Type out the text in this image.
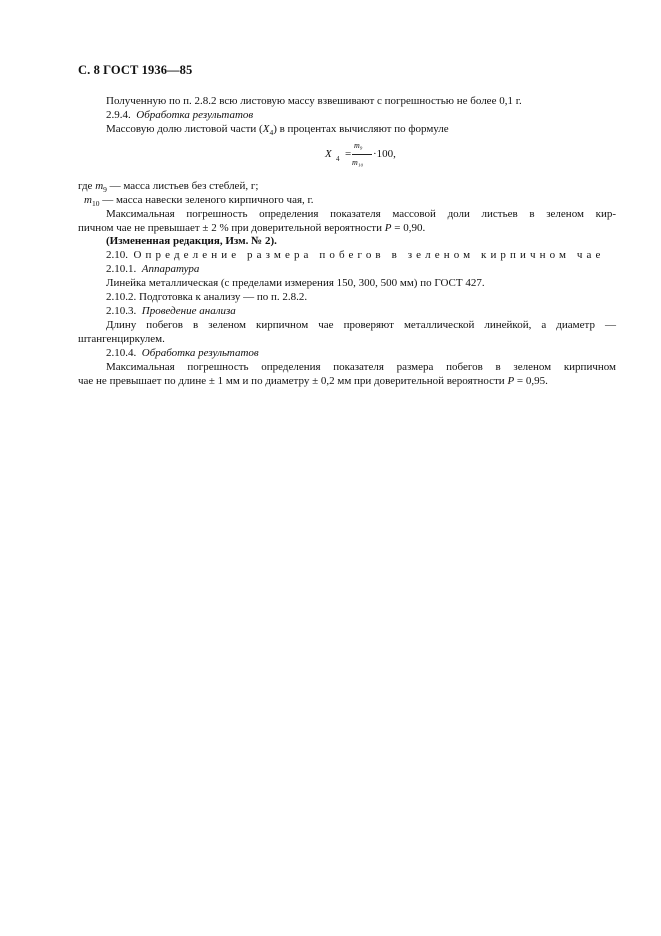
С. 8 ГОСТ 1936—85
Полученную по п. 2.8.2 всю листовую массу взвешивают с погрешностью не более 0,1 г.
2.9.4. Обработка результатов
Массовую долю листовой части $(X_4)$ в процентах вычисляют по формуле
X 4 =
m₉
m₁₀
·100,
где $m_9$ — масса листьев без стеблей, г;
$m_{10}$ — масса навески зеленого кирпичного чая, г.
Максимальная погрешность определения показателя массовой доли листьев в зеленом кир-
пичном чае не превышает ± 2 % при доверительной вероятности Р = 0,90.
(Измененная редакция, Изм. № 2).
2.10. Определение размера побегов в зеленом кирпичном чае
2.10.1. Аппаратура
Линейка металлическая (с пределами измерения 150, 300, 500 мм) по ГОСТ 427.
2.10.2. Подготовка к анализу — по п. 2.8.2.
2.10.3. Проведение анализа
Длину побегов в зеленом кирпичном чае проверяют металлической линейкой, а диаметр —
штангенциркулем.
2.10.4. Обработка результатов
Максимальная погрешность определения показателя размера побегов в зеленом кирпичном
чае не превышает по длине ± 1 мм и по диаметру ± 0,2 мм при доверительной вероятности Р = 0,95.
